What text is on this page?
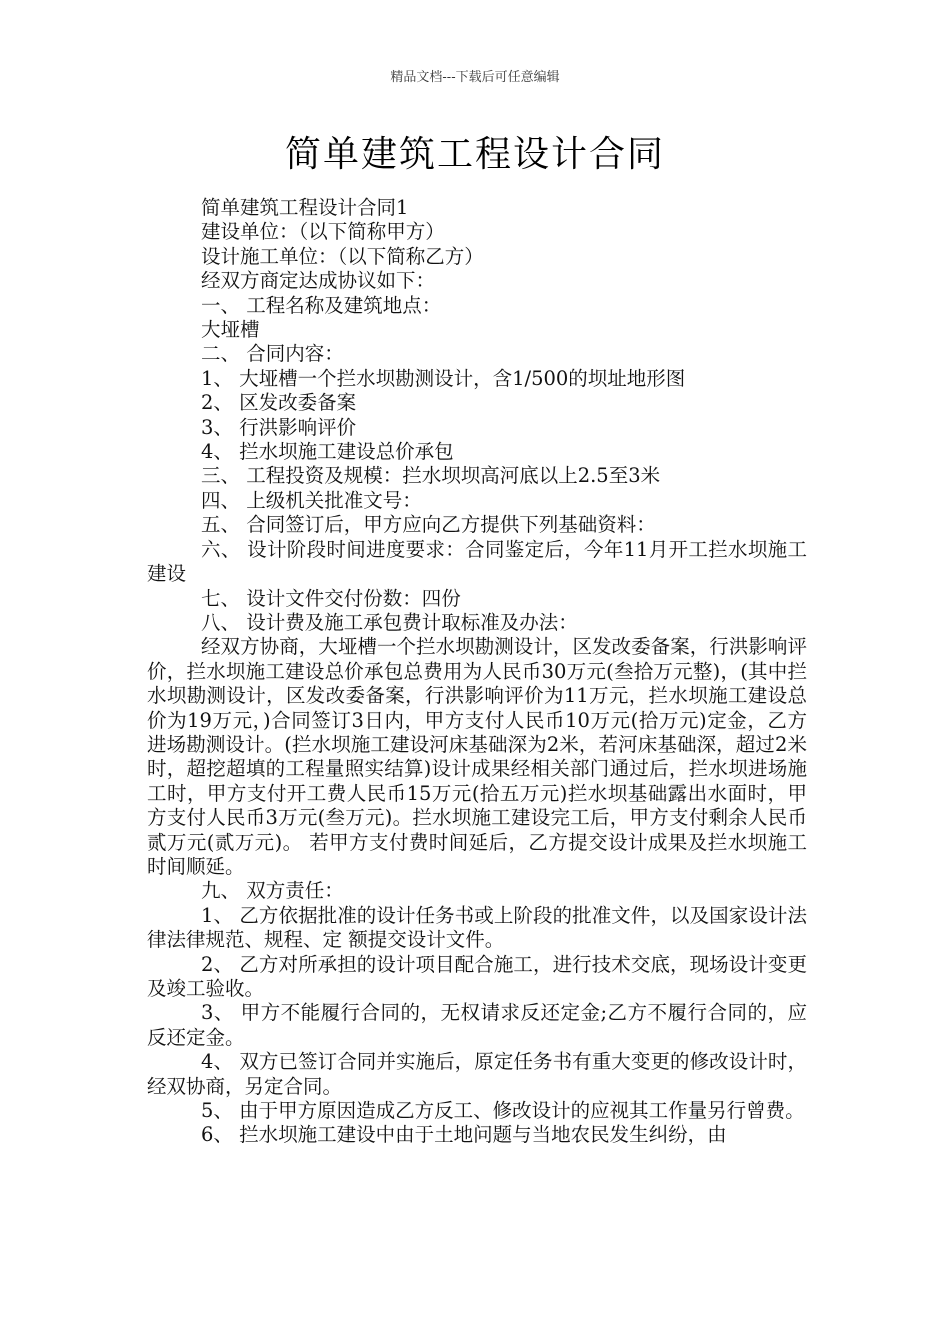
精品文档---下载后可任意编辑
简单建筑工程设计合同

简单建筑工程设计合同1

建设单位：（以下简称甲方）

设计施工单位：（以下简称乙方）

经双方商定达成协议如下：

一、 工程名称及建筑地点：

大垭槽

二、 合同内容：

1、 大垭槽一个拦水坝勘测设计，含1/500的坝址地形图

2、 区发改委备案

3、 行洪影响评价

4、 拦水坝施工建设总价承包

三、 工程投资及规模：拦水坝坝高河底以上2.5至3米

四、 上级机关批准文号：

五、 合同签订后，甲方应向乙方提供下列基础资料：

六、 设计阶段时间进度要求：合同鉴定后，今年11月开工拦水坝施工建设

七、 设计文件交付份数：四份

八、 设计费及施工承包费计取标准及办法：

经双方协商，大垭槽一个拦水坝勘测设计，区发改委备案，行洪影响评价，拦水坝施工建设总价承包总费用为人民币30万元(叁拾万元整)，(其中拦水坝勘测设计，区发改委备案，行洪影响评价为11万元，拦水坝施工建设总价为19万元，)合同签订3日内，甲方支付人民币10万元(拾万元)定金，乙方进场勘测设计。(拦水坝施工建设河床基础深为2米，若河床基础深，超过2米时，超挖超填的工程量照实结算)设计成果经相关部门通过后，拦水坝进场施工时，甲方支付开工费人民币15万元(拾五万元)拦水坝基础露出水面时，甲方支付人民币3万元(叁万元)。拦水坝施工建设完工后，甲方支付剩余人民币贰万元(贰万元)。 若甲方支付费时间延后，乙方提交设计成果及拦水坝施工时间顺延。

九、 双方责任：

1、 乙方依据批准的设计任务书或上阶段的批准文件，以及国家设计法律法律规范、规程、定 额提交设计文件。

2、 乙方对所承担的设计项目配合施工，进行技术交底，现场设计变更及竣工验收。

3、 甲方不能履行合同的，无权请求反还定金;乙方不履行合同的，应反还定金。

4、 双方已签订合同并实施后，原定任务书有重大变更的修改设计时，经双协商，另定合同。

5、 由于甲方原因造成乙方反工、修改设计的应视其工作量另行曾费。

6、 拦水坝施工建设中由于土地问题与当地农民发生纠纷，由
